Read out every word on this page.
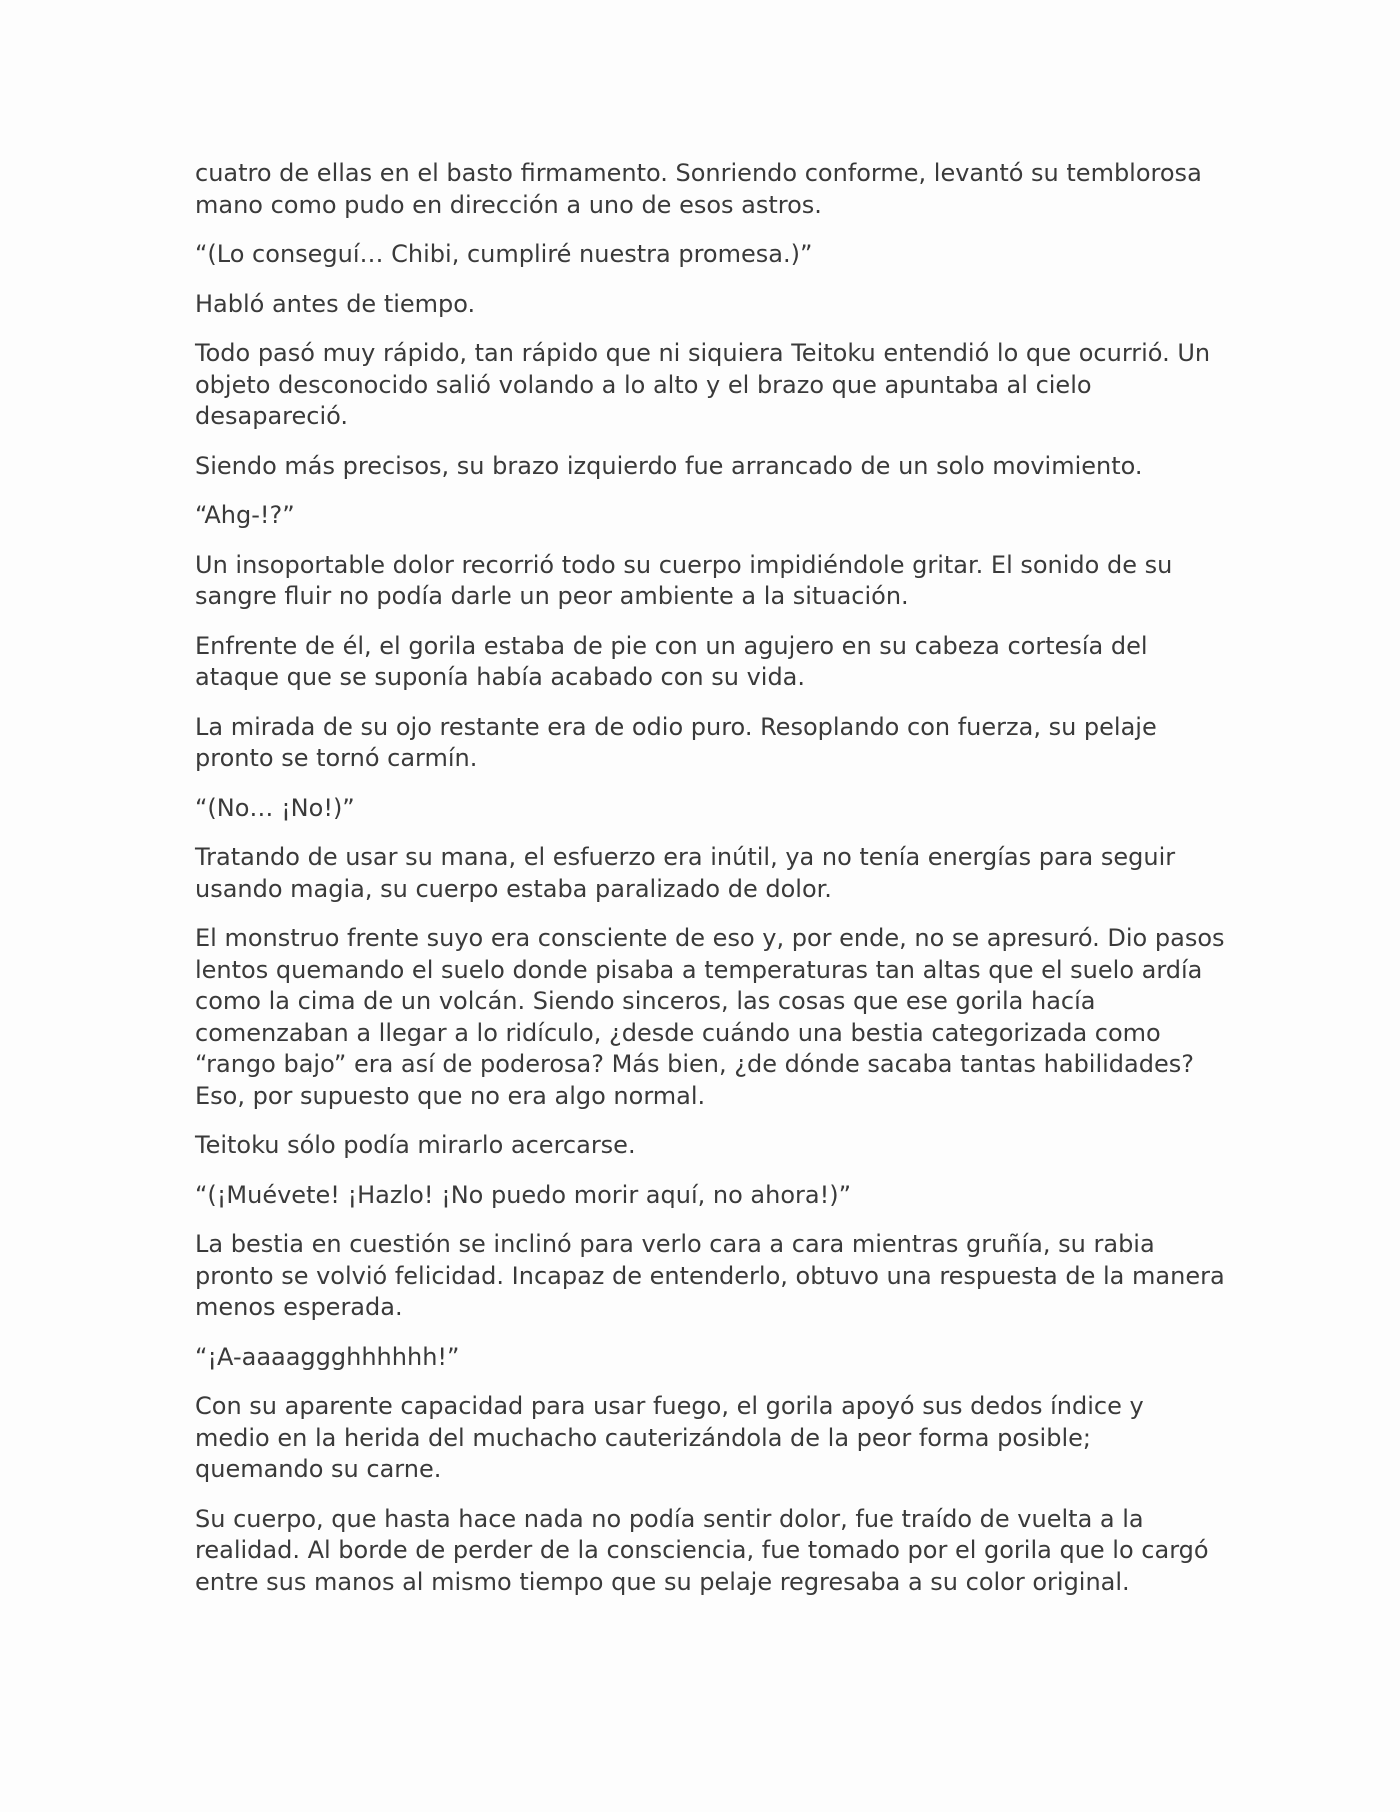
cuatro de ellas en el basto firmamento. Sonriendo conforme, levantó su temblorosa mano como pudo en dirección a uno de esos astros.

“(Lo conseguí… Chibi, cumpliré nuestra promesa.)”

Habló antes de tiempo.

Todo pasó muy rápido, tan rápido que ni siquiera Teitoku entendió lo que ocurrió. Un objeto desconocido salió volando a lo alto y el brazo que apuntaba al cielo desapareció.

Siendo más precisos, su brazo izquierdo fue arrancado de un solo movimiento.

“Ahg-!?”

Un insoportable dolor recorrió todo su cuerpo impidiéndole gritar. El sonido de su sangre fluir no podía darle un peor ambiente a la situación.

Enfrente de él, el gorila estaba de pie con un agujero en su cabeza cortesía del ataque que se suponía había acabado con su vida.

La mirada de su ojo restante era de odio puro. Resoplando con fuerza, su pelaje pronto se tornó carmín.

“(No… ¡No!)”

Tratando de usar su mana, el esfuerzo era inútil, ya no tenía energías para seguir usando magia, su cuerpo estaba paralizado de dolor.

El monstruo frente suyo era consciente de eso y, por ende, no se apresuró. Dio pasos lentos quemando el suelo donde pisaba a temperaturas tan altas que el suelo ardía como la cima de un volcán. Siendo sinceros, las cosas que ese gorila hacía comenzaban a llegar a lo ridículo, ¿desde cuándo una bestia categorizada como “rango bajo” era así de poderosa? Más bien, ¿de dónde sacaba tantas habilidades? Eso, por supuesto que no era algo normal.

Teitoku sólo podía mirarlo acercarse.

“(¡Muévete! ¡Hazlo! ¡No puedo morir aquí, no ahora!)”

La bestia en cuestión se inclinó para verlo cara a cara mientras gruñía, su rabia pronto se volvió felicidad. Incapaz de entenderlo, obtuvo una respuesta de la manera menos esperada.

“¡A-aaaaggghhhhhh!”

Con su aparente capacidad para usar fuego, el gorila apoyó sus dedos índice y medio en la herida del muchacho cauterizándola de la peor forma posible; quemando su carne.

Su cuerpo, que hasta hace nada no podía sentir dolor, fue traído de vuelta a la realidad. Al borde de perder de la consciencia, fue tomado por el gorila que lo cargó entre sus manos al mismo tiempo que su pelaje regresaba a su color original.
